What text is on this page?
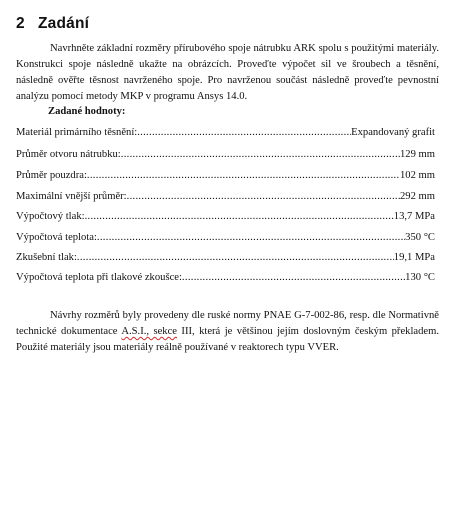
2 Zadání
Navrhněte základní rozměry přírubového spoje nátrubku ARK spolu s použitými materiály. Konstrukci spoje následně ukažte na obrázcích. Proveďte výpočet sil ve šroubech a těsnění, následně ověřte těsnost navrženého spoje. Pro navrženou součást následně proveďte pevnostní analýzu pomocí metody MKP v programu Ansys 14.0.
Zadané hodnoty:
Materiál primárního těsnění: .....	Expandovaný grafit
Průměr otvoru nátrubku: .....	129 mm
Průměr pouzdra: .....	102 mm
Maximální vnější průměr: .....	292 mm
Výpočtový tlak: .....	13,7 MPa
Výpočtová teplota: .....	350 °C
Zkušební tlak: .....	19,1 MPa
Výpočtová teplota při tlakové zkoušce: .....	130 °C
Návrhy rozměrů byly provedeny dle ruské normy PNAE G-7-002-86, resp. dle Normativně technické dokumentace A.S.I., sekce III, která je většinou jejím doslovným českým překladem. Použité materiály jsou materiály reálně používané v reaktorech typu VVER.
